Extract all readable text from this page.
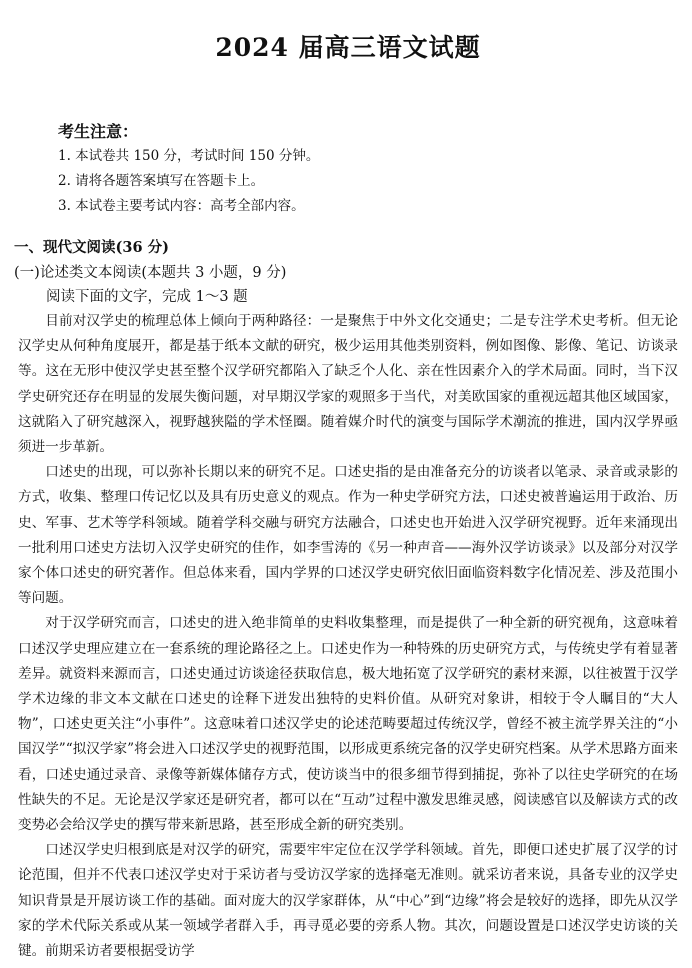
2024 届高三语文试题
考生注意：
1. 本试卷共 150 分，考试时间 150 分钟。
2. 请将各题答案填写在答题卡上。
3. 本试卷主要考试内容：高考全部内容。
一、现代文阅读(36 分)
(一)论述类文本阅读(本题共 3 小题，9 分)
阅读下面的文字，完成 1～3 题

目前对汉学史的梳理总体上倾向于两种路径：一是聚焦于中外文化交通史；二是专注学术史考析。但无论汉学史从何种角度展开，都是基于纸本文献的研究，极少运用其他类别资料，例如图像、影像、笔记、访谈录等。这在无形中使汉学史甚至整个汉学研究都陷入了缺乏个人化、亲在性因素介入的学术局面。同时，当下汉学史研究还存在明显的发展失衡问题，对早期汉学家的观照多于当代，对美欧国家的重视远超其他区域国家，这就陷入了研究越深入，视野越狭隘的学术怪圈。随着媒介时代的演变与国际学术潮流的推进，国内汉学界亟须进一步革新。

口述史的出现，可以弥补长期以来的研究不足。口述史指的是由准备充分的访谈者以笔录、录音或录影的方式，收集、整理口传记忆以及具有历史意义的观点。作为一种史学研究方法，口述史被普遍运用于政治、历史、军事、艺术等学科领域。随着学科交融与研究方法融合，口述史也开始进入汉学研究视野。近年来涌现出一批利用口述史方法切入汉学史研究的佳作，如李雪涛的《另一种声音——海外汉学访谈录》以及部分对汉学家个体口述史的研究著作。但总体来看，国内学界的口述汉学史研究依旧面临资料数字化情况差、涉及范围小等问题。

对于汉学研究而言，口述史的进入绝非简单的史料收集整理，而是提供了一种全新的研究视角，这意味着口述汉学史理应建立在一套系统的理论路径之上。口述史作为一种特殊的历史研究方式，与传统史学有着显著差异。就资料来源而言，口述史通过访谈途径获取信息，极大地拓宽了汉学研究的素材来源，以往被置于汉学学术边缘的非文本文献在口述史的诠释下迸发出独特的史料价值。从研究对象讲，相较于令人瞩目的“大人物”，口述史更关注“小事件”。这意味着口述汉学史的论述范畴要超过传统汉学，曾经不被主流学界关注的“小国汉学”“拟汉学家”将会进入口述汉学史的视野范围，以形成更系统完备的汉学史研究档案。从学术思路方面来看，口述史通过录音、录像等新媒体储存方式，使访谈当中的很多细节得到捕捉，弥补了以往史学研究的在场性缺失的不足。无论是汉学家还是研究者，都可以在“互动”过程中激发思维灵感，阅读感官以及解读方式的改变势必会给汉学史的撰写带来新思路，甚至形成全新的研究类别。

口述汉学史归根到底是对汉学的研究，需要牢牢定位在汉学学科领域。首先，即便口述史扩展了汉学的讨论范围，但并不代表口述汉学史对于采访者与受访汉学家的选择毫无准则。就采访者来说，具备专业的汉学史知识背景是开展访谈工作的基础。面对庞大的汉学家群体，从“中心”到“边缘”将会是较好的选择，即先从汉学家的学术代际关系或从某一领域学者群入手，再寻觅必要的旁系人物。其次，问题设置是口述汉学史访谈的关键。前期采访者要根据受访学
